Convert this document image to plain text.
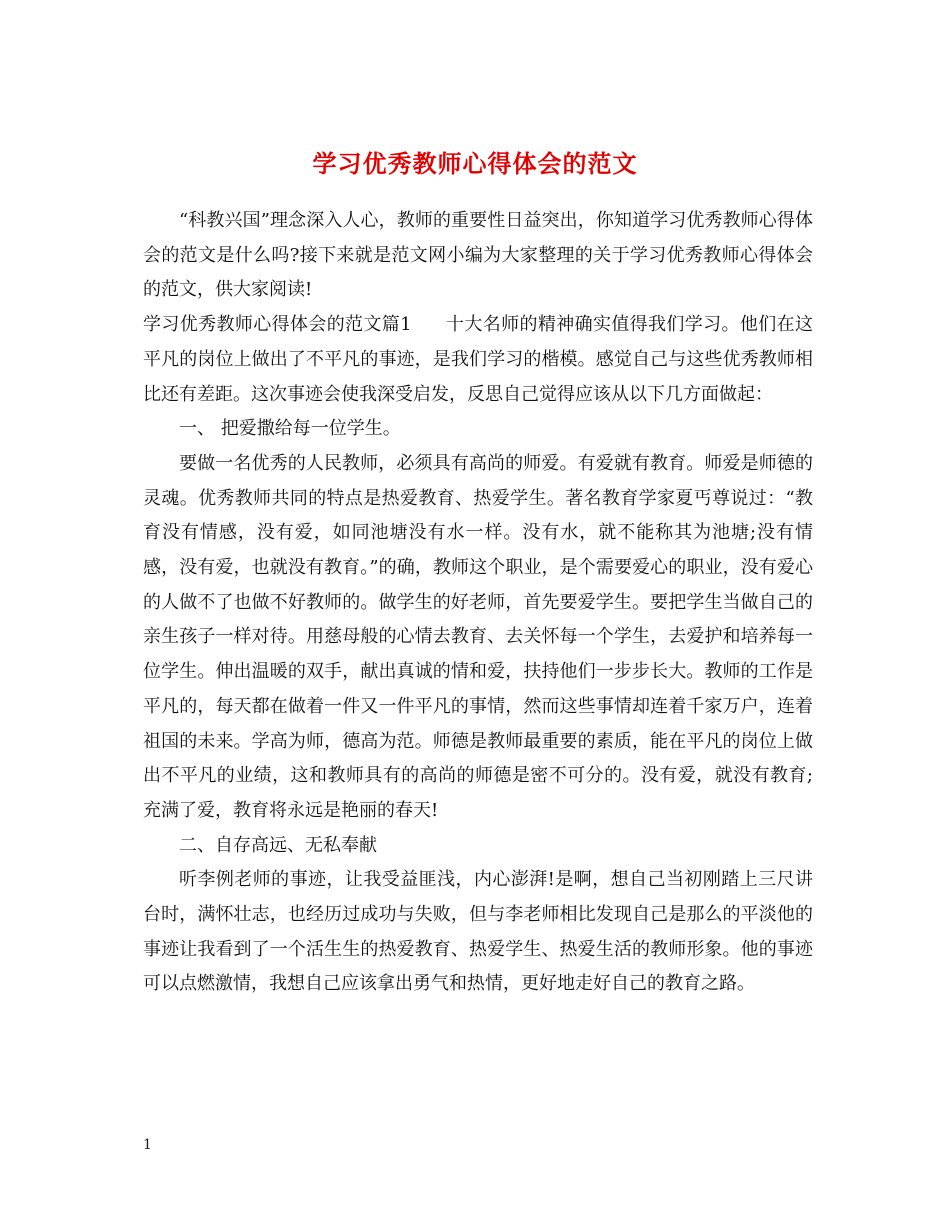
学习优秀教师心得体会的范文

“科教兴国”理念深入人心，教师的重要性日益突出，你知道学习优秀教师心得体会的范文是什么吗?接下来就是范文网小编为大家整理的关于学习优秀教师心得体会的范文，供大家阅读!

学习优秀教师心得体会的范文篇1 十大名师的精神确实值得我们学习。他们在这平凡的岗位上做出了不平凡的事迹，是我们学习的楷模。感觉自己与这些优秀教师相比还有差距。这次事迹会使我深受启发，反思自己觉得应该从以下几方面做起：

一、 把爱撒给每一位学生。

要做一名优秀的人民教师，必须具有高尚的师爱。有爱就有教育。师爱是师德的灵魂。优秀教师共同的特点是热爱教育、热爱学生。著名教育学家夏丐尊说过：“教育没有情感，没有爱，如同池塘没有水一样。没有水，就不能称其为池塘;没有情感，没有爱，也就没有教育。”的确，教师这个职业，是个需要爱心的职业，没有爱心的人做不了也做不好教师的。做学生的好老师，首先要爱学生。要把学生当做自己的亲生孩子一样对待。用慈母般的心情去教育、去关怀每一个学生，去爱护和培养每一位学生。伸出温暖的双手，献出真诚的情和爱，扶持他们一步步长大。教师的工作是平凡的，每天都在做着一件又一件平凡的事情，然而这些事情却连着千家万户，连着祖国的未来。学高为师，德高为范。师德是教师最重要的素质，能在平凡的岗位上做出不平凡的业绩，这和教师具有的高尚的师德是密不可分的。没有爱，就没有教育;充满了爱，教育将永远是艳丽的春天!

二、自存高远、无私奉献

听李例老师的事迹，让我受益匪浅，内心澎湃!是啊，想自己当初刚踏上三尺讲台时，满怀壮志，也经历过成功与失败，但与李老师相比发现自己是那么的平淡他的事迹让我看到了一个活生生的热爱教育、热爱学生、热爱生活的教师形象。他的事迹可以点燃激情，我想自己应该拿出勇气和热情，更好地走好自己的教育之路。

1
